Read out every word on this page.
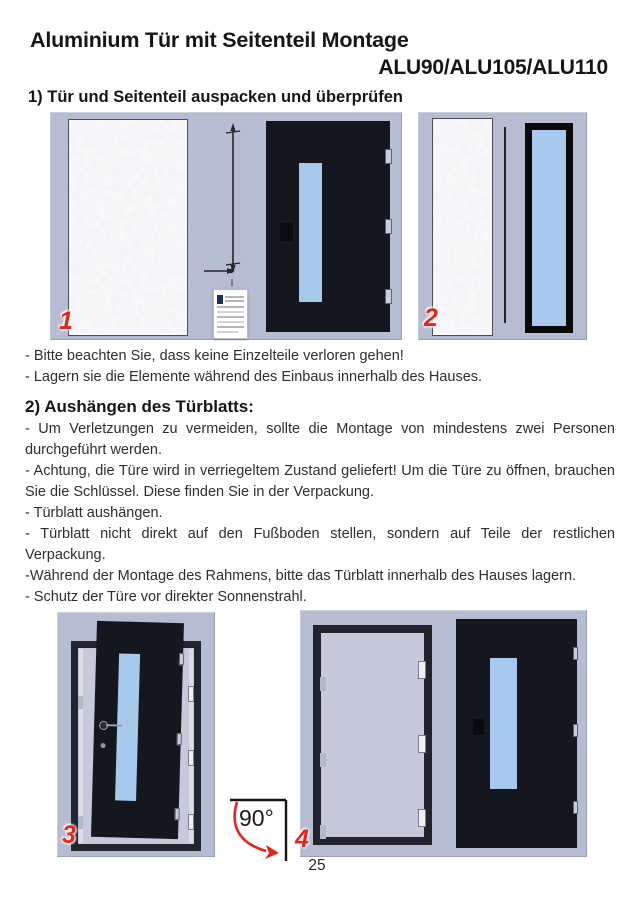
Aluminium Tür mit Seitenteil Montage
ALU90/ALU105/ALU110
1) Tür und Seitenteil auspacken und überprüfen
1	2

- Bitte beachten Sie, dass keine Einzelteile verloren gehen!

- Lagern sie die Elemente während des Einbaus innerhalb des Hauses.

2) Aushängen des Türblatts:

- Um Verletzungen zu vermeiden, sollte die Montage von mindestens zwei Personen durchgeführt werden.

- Achtung, die Türe wird in verriegeltem Zustand geliefert! Um die Türe zu öffnen, brauchen Sie die Schlüssel. Diese finden Sie in der Verpackung.

- Türblatt aushängen.

- Türblatt nicht direkt auf den Fußboden stellen, sondern auf Teile der restlichen Verpackung.

-Während der Montage des Rahmens, bitte das Türblatt innerhalb des Hauses lagern.

- Schutz der Türe vor direkter Sonnenstrahl.

3
90°
4
25
